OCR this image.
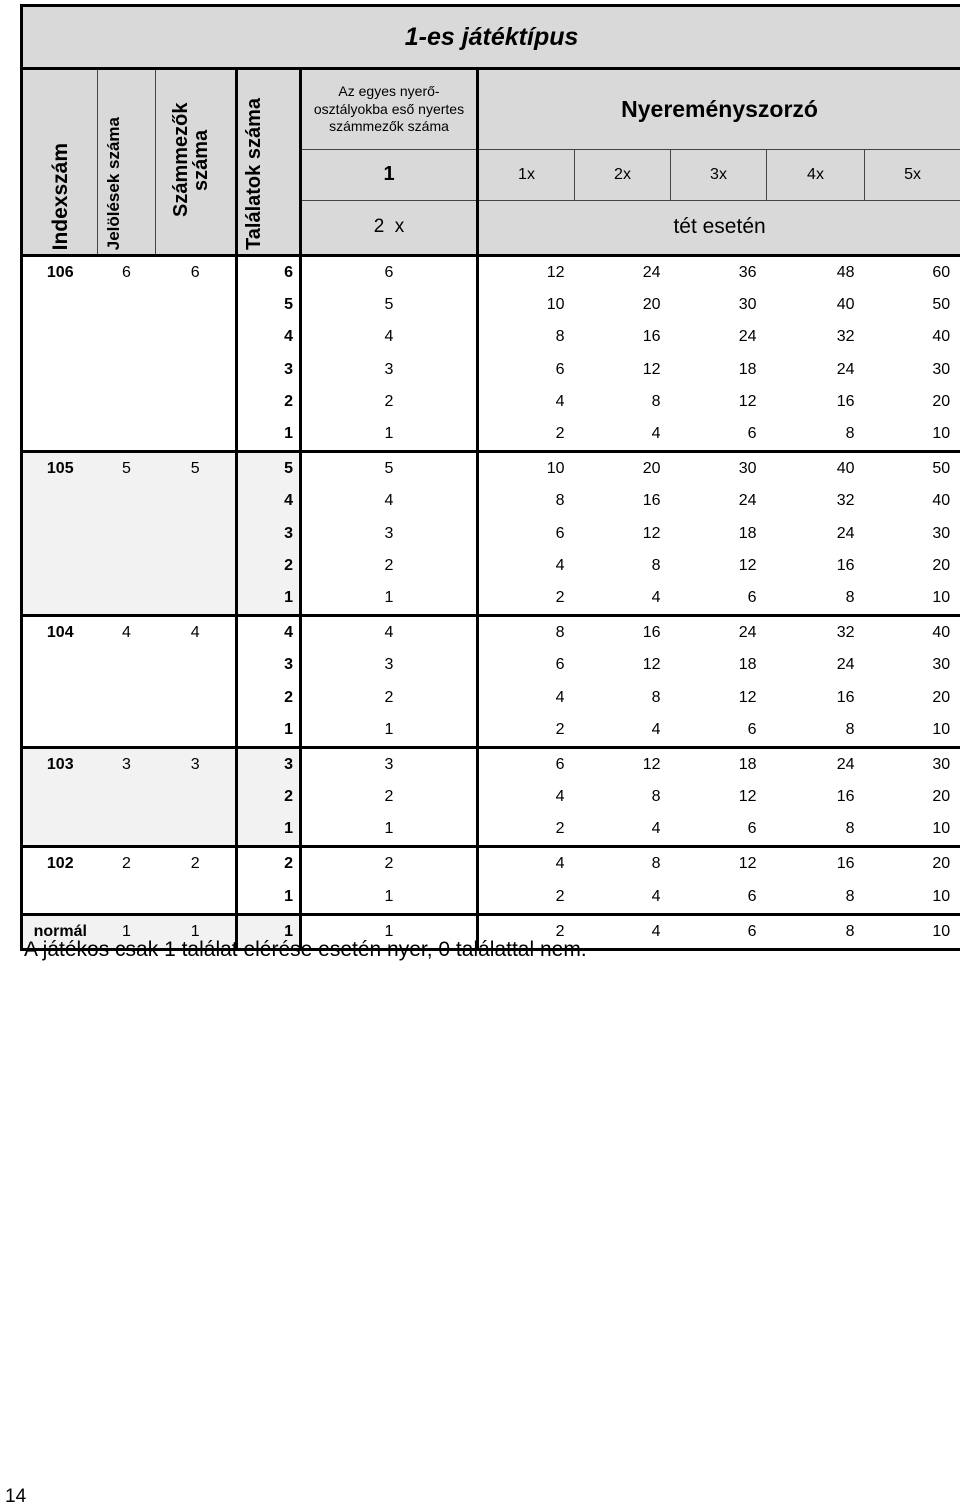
1-es játéktípus									

Indexszám	Jelölések száma	Számmezők száma	Találatok száma	Az egyes nyerő-osztályokba eső nyertes számmezők száma	Nyereményszorzó				
				1	1x	2x	3x	4x	5x
				2  x	tét esetén				
106	6	6	6	6	12	24	36	48	60
			5	5	10	20	30	40	50
			4	4	8	16	24	32	40
			3	3	6	12	18	24	30
			2	2	4	8	12	16	20
			1	1	2	4	6	8	10
105	5	5	5	5	10	20	30	40	50
			4	4	8	16	24	32	40
			3	3	6	12	18	24	30
			2	2	4	8	12	16	20
			1	1	2	4	6	8	10
104	4	4	4	4	8	16	24	32	40
			3	3	6	12	18	24	30
			2	2	4	8	12	16	20
			1	1	2	4	6	8	10
103	3	3	3	3	6	12	18	24	30
			2	2	4	8	12	16	20
			1	1	2	4	6	8	10
102	2	2	2	2	4	8	12	16	20
			1	1	2	4	6	8	10
normál	1	1	1	1	2	4	6	8	10
A játékos csak 1 találat elérése esetén nyer, 0 találattal nem.
14
